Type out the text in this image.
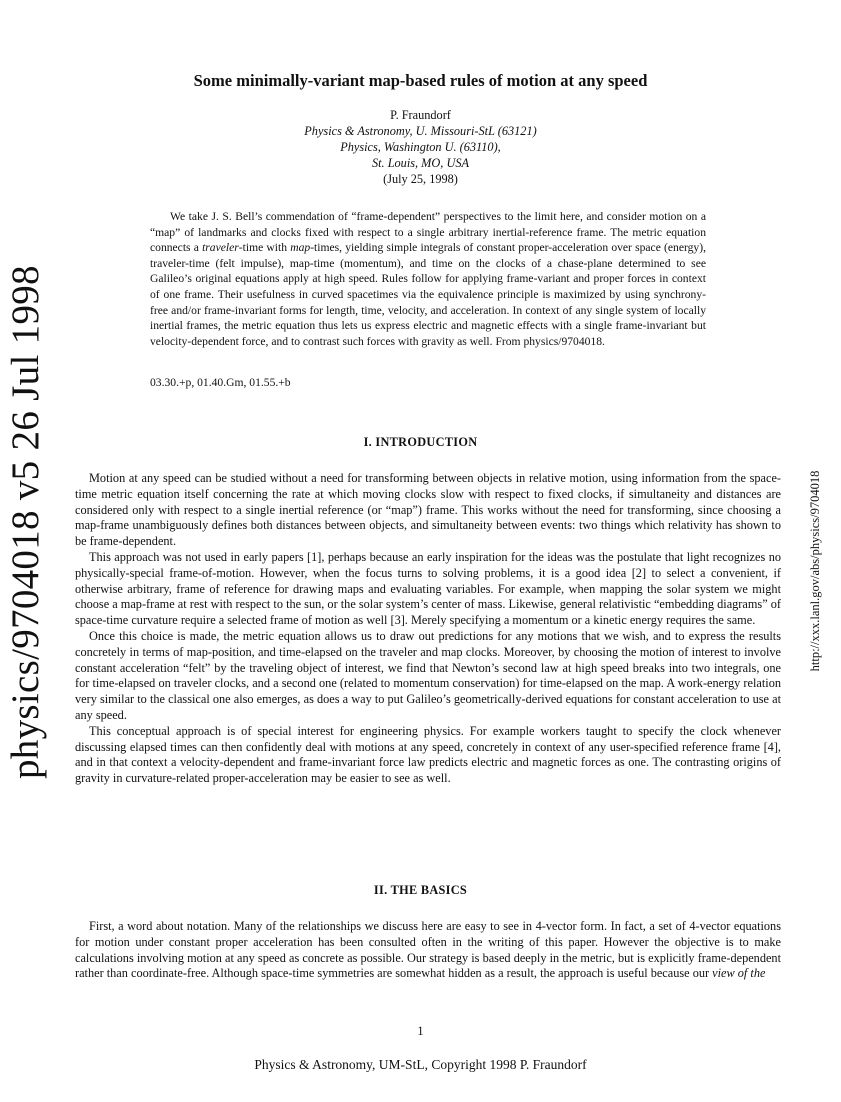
physics/9704018 v5 26 Jul 1998	http://xxx.lanl.gov/abs/physics/9704018
Some minimally-variant map-based rules of motion at any speed
P. Fraundorf
Physics & Astronomy, U. Missouri-StL (63121)
Physics, Washington U. (63110),
St. Louis, MO, USA
(July 25, 1998)

We take J. S. Bell’s commendation of “frame-dependent” perspectives to the limit here, and consider motion on a “map” of landmarks and clocks fixed with respect to a single arbitrary inertial-reference frame. The metric equation connects a traveler-time with map-times, yielding simple integrals of constant proper-acceleration over space (energy), traveler-time (felt impulse), map-time (momentum), and time on the clocks of a chase-plane determined to see Galileo’s original equations apply at high speed. Rules follow for applying frame-variant and proper forces in context of one frame. Their usefulness in curved spacetimes via the equivalence principle is maximized by using synchrony-free and/or frame-invariant forms for length, time, velocity, and acceleration. In context of any single system of locally inertial frames, the metric equation thus lets us express electric and magnetic effects with a single frame-invariant but velocity-dependent force, and to contrast such forces with gravity as well. From physics/9704018.

03.30.+p, 01.40.Gm, 01.55.+b
I. INTRODUCTION

Motion at any speed can be studied without a need for transforming between objects in relative motion, using information from the space-time metric equation itself concerning the rate at which moving clocks slow with respect to fixed clocks, if simultaneity and distances are considered only with respect to a single inertial reference (or “map”) frame. This works without the need for transforming, since choosing a map-frame unambiguously defines both distances between objects, and simultaneity between events: two things which relativity has shown to be frame-dependent.

This approach was not used in early papers [1], perhaps because an early inspiration for the ideas was the postulate that light recognizes no physically-special frame-of-motion. However, when the focus turns to solving problems, it is a good idea [2] to select a convenient, if otherwise arbitrary, frame of reference for drawing maps and evaluating variables. For example, when mapping the solar system we might choose a map-frame at rest with respect to the sun, or the solar system’s center of mass. Likewise, general relativistic “embedding diagrams” of space-time curvature require a selected frame of motion as well [3]. Merely specifying a momentum or a kinetic energy requires the same.

Once this choice is made, the metric equation allows us to draw out predictions for any motions that we wish, and to express the results concretely in terms of map-position, and time-elapsed on the traveler and map clocks. Moreover, by choosing the motion of interest to involve constant acceleration “felt” by the traveling object of interest, we find that Newton’s second law at high speed breaks into two integrals, one for time-elapsed on traveler clocks, and a second one (related to momentum conservation) for time-elapsed on the map. A work-energy relation very similar to the classical one also emerges, as does a way to put Galileo’s geometrically-derived equations for constant acceleration to use at any speed.

This conceptual approach is of special interest for engineering physics. For example workers taught to specify the clock whenever discussing elapsed times can then confidently deal with motions at any speed, concretely in context of any user-specified reference frame [4], and in that context a velocity-dependent and frame-invariant force law predicts electric and magnetic forces as one. The contrasting origins of gravity in curvature-related proper-acceleration may be easier to see as well.

II. THE BASICS

First, a word about notation. Many of the relationships we discuss here are easy to see in 4-vector form. In fact, a set of 4-vector equations for motion under constant proper acceleration has been consulted often in the writing of this paper. However the objective is to make calculations involving motion at any speed as concrete as possible. Our strategy is based deeply in the metric, but is explicitly frame-dependent rather than coordinate-free. Although space-time symmetries are somewhat hidden as a result, the approach is useful because our view of the

1
Physics & Astronomy, UM-StL, Copyright 1998 P. Fraundorf
